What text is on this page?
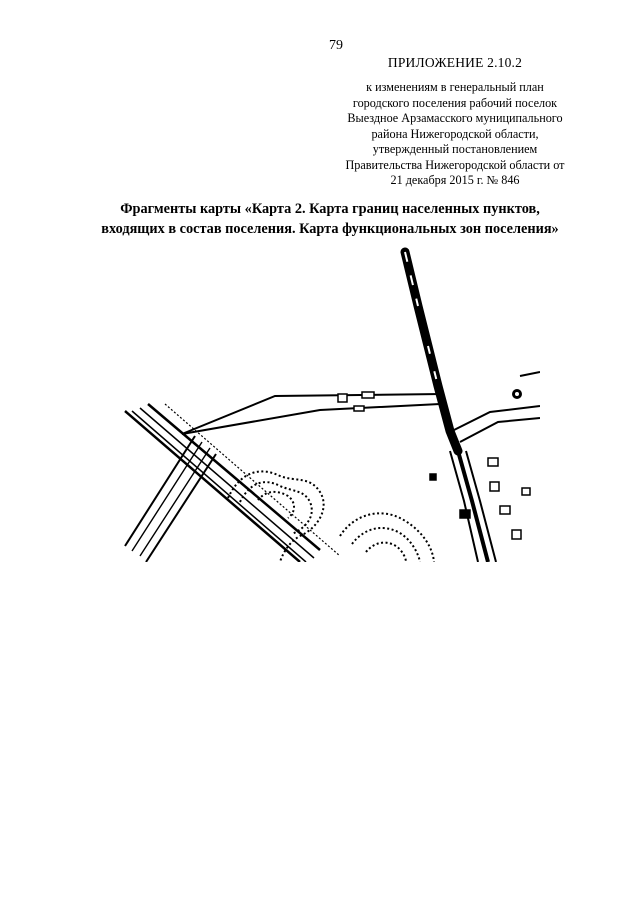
79
ПРИЛОЖЕНИЕ 2.10.2
к изменениям в генеральный план
городского поселения рабочий поселок
Выездное Арзамасского муниципального
района Нижегородской области,
утвержденный постановлением
Правительства Нижегородской области от
21 декабря 2015 г. № 846
Фрагменты карты «Карта 2. Карта границ населенных пунктов,
входящих в состав поселения. Карта функциональных зон поселения»
